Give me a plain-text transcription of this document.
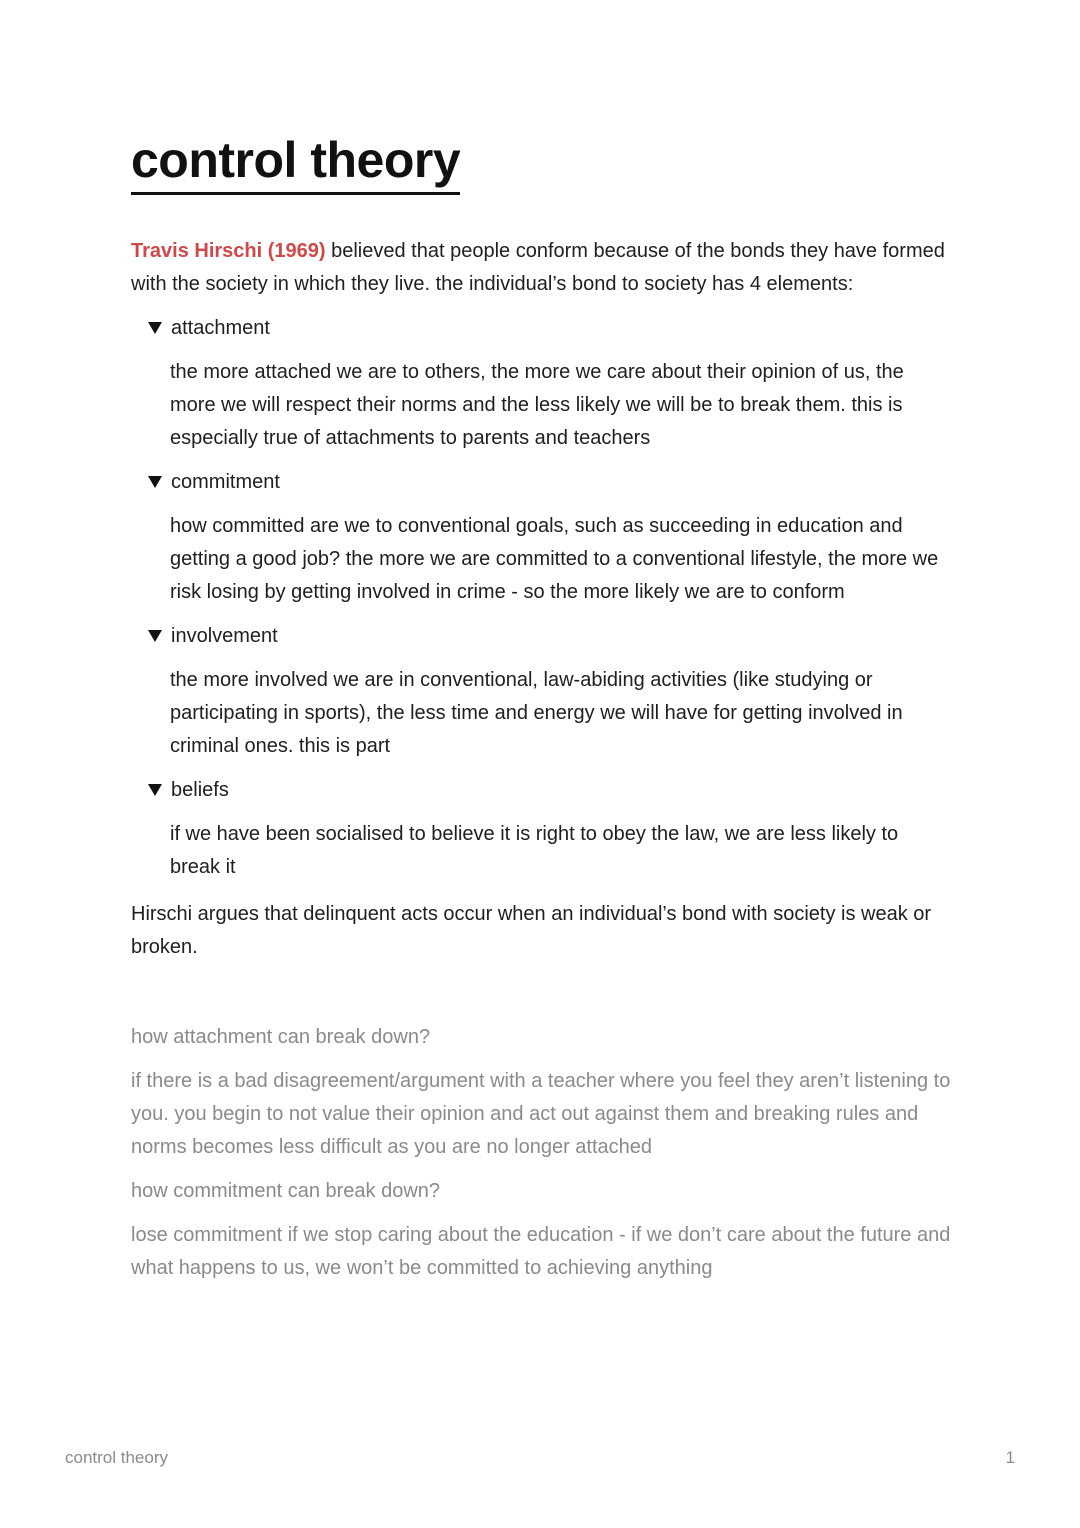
control theory

Travis Hirschi (1969) believed that people conform because of the bonds they have formed with the society in which they live. the individual’s bond to society has 4 elements:

attachment
the more attached we are to others, the more we care about their opinion of us, the more we will respect their norms and the less likely we will be to break them. this is especially true of attachments to parents and teachers
commitment
how committed are we to conventional goals, such as succeeding in education and getting a good job? the more we are committed to a conventional lifestyle, the more we risk losing by getting involved in crime - so the more likely we are to conform
involvement
the more involved we are in conventional, law-abiding activities (like studying or participating in sports), the less time and energy we will have for getting involved in criminal ones. this is part
beliefs
if we have been socialised to believe it is right to obey the law, we are less likely to break it

Hirschi argues that delinquent acts occur when an individual’s bond with society is weak or broken.

how attachment can break down?

if there is a bad disagreement/argument with a teacher where you feel they aren’t listening to you. you begin to not value their opinion and act out against them and breaking rules and norms becomes less difficult as you are no longer attached

how commitment can break down?

lose commitment if we stop caring about the education - if we don’t care about the future and what happens to us, we won’t be committed to achieving anything

control theory	1
